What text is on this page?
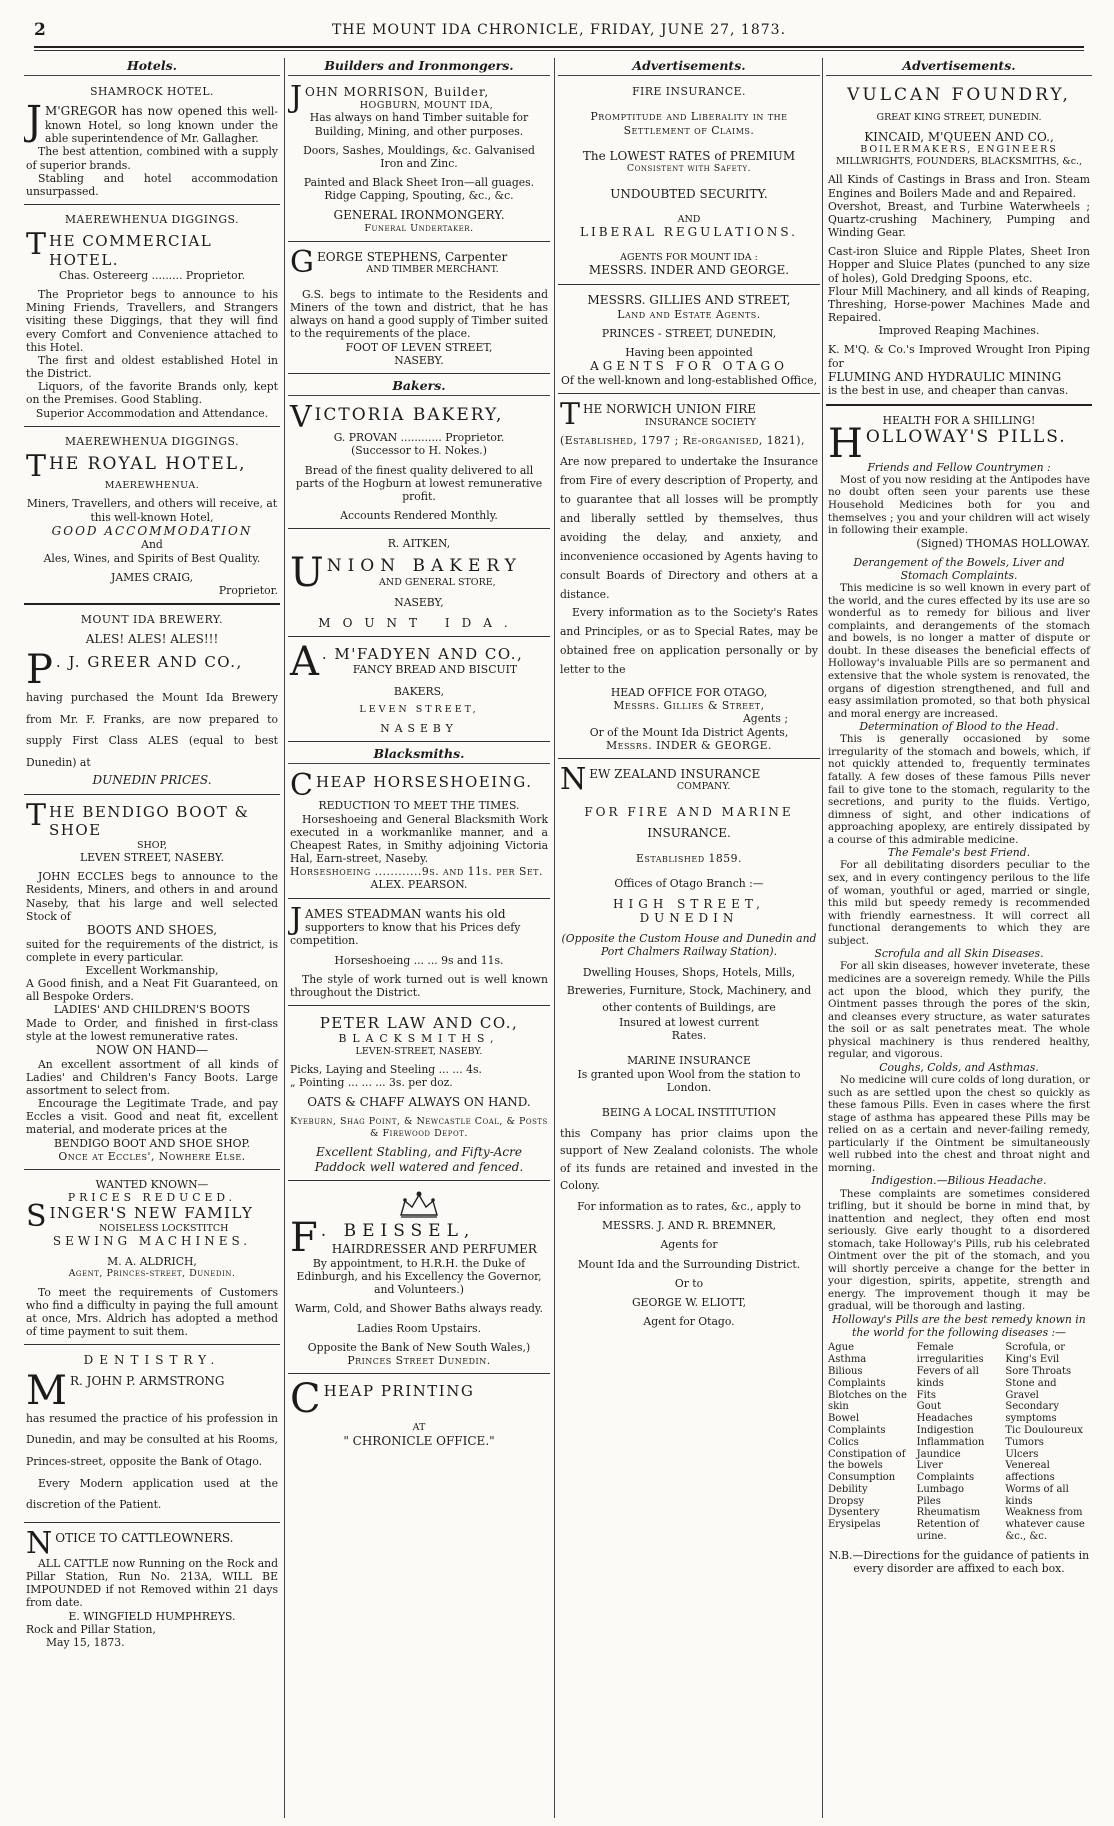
2	THE MOUNT IDA CHRONICLE, FRIDAY, JUNE 27, 1873.
Hotels.
SHAMROCK HOTEL.
J M'GREGOR has now opened this well-known Hotel, so long known under the able superintendence of Mr. Gallagher.
The best attention, combined with a supply of superior brands.
Stabling and hotel accommodation unsurpassed.
MAEREWHENUA DIGGINGS.
THE COMMERCIAL HOTEL.
Chas. Ostereerg ......... Proprietor.
The Proprietor begs to announce to his Mining Friends, Travellers, and Strangers visiting these Diggings, that they will find every Comfort and Convenience attached to this Hotel.
The first and oldest established Hotel in the District.
Liquors, of the favorite Brands only, kept on the Premises. Good Stabling.
Superior Accommodation and Attendance.
MAEREWHENUA DIGGINGS.
THE ROYAL HOTEL,
MAEREWHENUA.
Miners, Travellers, and others will receive, at this well-known Hotel,
GOOD ACCOMMODATION
And
Ales, Wines, and Spirits of Best Quality.
JAMES CRAIG,
Proprietor.
MOUNT IDA BREWERY.
ALES! ALES! ALES!!!
P . J. GREER AND CO.,
having purchased the Mount Ida Brewery from Mr. F. Franks, are now prepared to supply First Class ALES (equal to best Dunedin) at
DUNEDIN PRICES.
THE BENDIGO BOOT & SHOE
SHOP,
LEVEN STREET, NASEBY.
JOHN ECCLES begs to announce to the Residents, Miners, and others in and around Naseby, that his large and well selected Stock of
BOOTS AND SHOES,
suited for the requirements of the district, is complete in every particular.
Excellent Workmanship,
A Good finish, and a Neat Fit Guaranteed, on all Bespoke Orders.
LADIES' AND CHILDREN'S BOOTS
Made to Order, and finished in first-class style at the lowest remunerative rates.
NOW ON HAND—
An excellent assortment of all kinds of Ladies' and Children's Fancy Boots. Large assortment to select from.
Encourage the Legitimate Trade, and pay Eccles a visit. Good and neat fit, excellent material, and moderate prices at the
BENDIGO BOOT AND SHOE SHOP.
Once at Eccles', Nowhere Else.
WANTED KNOWN—
PRICES REDUCED.
SINGER'S NEW FAMILY
NOISELESS LOCKSTITCH
SEWING MACHINES.
M. A. ALDRICH,
Agent, Princes-street, Dunedin.
To meet the requirements of Customers who find a difficulty in paying the full amount at once, Mrs. Aldrich has adopted a method of time payment to suit them.
DENTISTRY.
M R. JOHN P. ARMSTRONG
has resumed the practice of his profession in Dunedin, and may be consulted at his Rooms, Princes-street, opposite the Bank of Otago.
Every Modern application used at the discretion of the Patient.
NOTICE TO CATTLEOWNERS.
ALL CATTLE now Running on the Rock and Pillar Station, Run No. 213A, WILL BE IMPOUNDED if not Removed within 21 days from date.
E. WINGFIELD HUMPHREYS.
Rock and Pillar Station,
May 15, 1873.
Builders and Ironmongers.
JOHN MORRISON, Builder,
HOGBURN, MOUNT IDA,
Has always on hand Timber suitable for Building, Mining, and other purposes.
Doors, Sashes, Mouldings, &c. Galvanised Iron and Zinc.
Painted and Black Sheet Iron—all guages. Ridge Capping, Spouting, &c., &c.
GENERAL IRONMONGERY.
Funeral Undertaker.
GEORGE STEPHENS, Carpenter
AND TIMBER MERCHANT.
G.S. begs to intimate to the Residents and Miners of the town and district, that he has always on hand a good supply of Timber suited to the requirements of the place.
FOOT OF LEVEN STREET,
NASEBY.
Bakers.
VICTORIA BAKERY,
G. PROVAN ............ Proprietor.
(Successor to H. Nokes.)
Bread of the finest quality delivered to all parts of the Hogburn at lowest remunerative profit.
Accounts Rendered Monthly.
R. AITKEN,
UNION BAKERY
AND GENERAL STORE,
NASEBY,
MOUNT IDA.
A . M'FADYEN AND CO.,
FANCY BREAD AND BISCUIT
BAKERS,
LEVEN STREET,
NASEBY
Blacksmiths.
CHEAP HORSESHOEING.
REDUCTION TO MEET THE TIMES.
Horseshoeing and General Blacksmith Work executed in a workmanlike manner, and a Cheapest Rates, in Smithy adjoining Victoria Hal, Earn-street, Naseby.
Horseshoeing ............9s. and 11s. per Set.
ALEX. PEARSON.
JAMES STEADMAN wants his old supporters to know that his Prices defy competition.
Horseshoeing ... ... 9s and 11s.
The style of work turned out is well known throughout the District.
PETER LAW AND CO.,
BLACKSMITHS,
LEVEN-STREET, NASEBY.
Picks, Laying and Steeling ... ... 4s.
„ Pointing ... ... ... 3s. per doz.
OATS & CHAFF ALWAYS ON HAND.
Kyeburn, Shag Point, & Newcastle Coal, & Posts & Firewood Depot.
Excellent Stabling, and Fifty-Acre Paddock well watered and fenced.
F . BEISSEL,
HAIRDRESSER AND PERFUMER
By appointment, to H.R.H. the Duke of Edinburgh, and his Excellency the Governor, and Volunteers.)
Warm, Cold, and Shower Baths always ready.
Ladies Room Upstairs.
Opposite the Bank of New South Wales,)
Princes Street Dunedin.
CHEAP PRINTING
AT
" CHRONICLE OFFICE."
Advertisements.
FIRE INSURANCE.
Promptitude and Liberality in the Settlement of Claims.
The LOWEST RATES of PREMIUM
Consistent with Safety.
UNDOUBTED SECURITY.
AND
LIBERAL REGULATIONS.
AGENTS FOR MOUNT IDA :
MESSRS. INDER AND GEORGE.
MESSRS. GILLIES AND STREET,
Land and Estate Agents.
PRINCES - STREET, DUNEDIN,
Having been appointed
AGENTS FOR OTAGO
Of the well-known and long-established Office,
THE NORWICH UNION FIRE
INSURANCE SOCIETY
(Established, 1797 ; Re-organised, 1821),
Are now prepared to undertake the Insurance from Fire of every description of Property, and to guarantee that all losses will be promptly and liberally settled by themselves, thus avoiding the delay, and anxiety, and inconvenience occasioned by Agents having to consult Boards of Directory and others at a distance.
Every information as to the Society's Rates and Principles, or as to Special Rates, may be obtained free on application personally or by letter to the
HEAD OFFICE FOR OTAGO,
Messrs. Gillies & Street,
Agents ;
Or of the Mount Ida District Agents,
Messrs. INDER & GEORGE.
NEW ZEALAND INSURANCE
COMPANY.
FOR FIRE AND MARINE
INSURANCE.
Established 1859.
Offices of Otago Branch :—
HIGH STREET, DUNEDIN
(Opposite the Custom House and Dunedin and Port Chalmers Railway Station).
Dwelling Houses, Shops, Hotels, Mills, Breweries, Furniture, Stock, Machinery, and other contents of Buildings, are
Insured at lowest current
Rates.
MARINE INSURANCE
Is granted upon Wool from the station to London.
BEING A LOCAL INSTITUTION
this Company has prior claims upon the support of New Zealand colonists. The whole of its funds are retained and invested in the Colony.
For information as to rates, &c., apply to
MESSRS. J. AND R. BREMNER,
Agents for
Mount Ida and the Surrounding District.
Or to
GEORGE W. ELIOTT,
Agent for Otago.
Advertisements.
VULCAN FOUNDRY,
GREAT KING STREET, DUNEDIN.
KINCAID, M'QUEEN AND CO.,
BOILERMAKERS, ENGINEERS
MILLWRIGHTS, FOUNDERS, BLACKSMITHS, &c.,
All Kinds of Castings in Brass and Iron. Steam Engines and Boilers Made and and Repaired.
Overshot, Breast, and Turbine Waterwheels ; Quartz-crushing Machinery, Pumping and Winding Gear.
Cast-iron Sluice and Ripple Plates, Sheet Iron Hopper and Sluice Plates (punched to any size of holes), Gold Dredging Spoons, etc.
Flour Mill Machinery, and all kinds of Reaping, Threshing, Horse-power Machines Made and Repaired.
Improved Reaping Machines.
K. M'Q. & Co.'s Improved Wrought Iron Piping for
FLUMING AND HYDRAULIC MINING
is the best in use, and cheaper than canvas.
HEALTH FOR A SHILLING!
HOLLOWAY'S PILLS.
Friends and Fellow Countrymen :
Most of you now residing at the Antipodes have no doubt often seen your parents use these Household Medicines both for you and themselves ; you and your children will act wisely in following their example.
(Signed) THOMAS HOLLOWAY.
Derangement of the Bowels, Liver and Stomach Complaints.
This medicine is so well known in every part of the world, and the cures effected by its use are so wonderful as to remedy for bilious and liver complaints, and derangements of the stomach and bowels, is no longer a matter of dispute or doubt. In these diseases the beneficial effects of Holloway's invaluable Pills are so permanent and extensive that the whole system is renovated, the organs of digestion strengthened, and full and easy assimilation promoted, so that both physical and moral energy are increased.
Determination of Blood to the Head.
This is generally occasioned by some irregularity of the stomach and bowels, which, if not quickly attended to, frequently terminates fatally. A few doses of these famous Pills never fail to give tone to the stomach, regularity to the secretions, and purity to the fluids. Vertigo, dimness of sight, and other indications of approaching apoplexy, are entirely dissipated by a course of this admirable medicine.
The Female's best Friend.
For all debilitating disorders peculiar to the sex, and in every contingency perilous to the life of woman, youthful or aged, married or single, this mild but speedy remedy is recommended with friendly earnestness. It will correct all functional derangements to which they are subject.
Scrofula and all Skin Diseases.
For all skin diseases, however inveterate, these medicines are a sovereign remedy. While the Pills act upon the blood, which they purify, the Ointment passes through the pores of the skin, and cleanses every structure, as water saturates the soil or as salt penetrates meat. The whole physical machinery is thus rendered healthy, regular, and vigorous.
Coughs, Colds, and Asthmas.
No medicine will cure colds of long duration, or such as are settled upon the chest so quickly as these famous Pills. Even in cases where the first stage of asthma has appeared these Pills may be relied on as a certain and never-failing remedy, particularly if the Ointment be simultaneously well rubbed into the chest and throat night and morning.
Indigestion.—Bilious Headache.
These complaints are sometimes considered trifling, but it should be borne in mind that, by inattention and neglect, they often end most seriously. Give early thought to a disordered stomach, take Holloway's Pills, rub his celebrated Ointment over the pit of the stomach, and you will shortly perceive a change for the better in your digestion, spirits, appetite, strength and energy. The improvement though it may be gradual, will be thorough and lasting.
Holloway's Pills are the best remedy known in the world for the following diseases :—
Ague
Asthma
Bilious Complaints
Blotches on the skin
Bowel Complaints
Colics
Constipation of the bowels
Consumption
Debility
Dropsy
Dysentery
Erysipelas
Female irregularities
Fevers of all kinds
Fits
Gout
Headaches
Indigestion
Inflammation
Jaundice
Liver Complaints
Lumbago
Piles
Rheumatism
Retention of urine.
Scrofula, or King's Evil
Sore Throats
Stone and Gravel
Secondary symptoms
Tic Douloureux
Tumors
Ulcers
Venereal affections
Worms of all kinds
Weakness from whatever cause
&c., &c.
N.B.—Directions for the guidance of patients in every disorder are affixed to each box.
